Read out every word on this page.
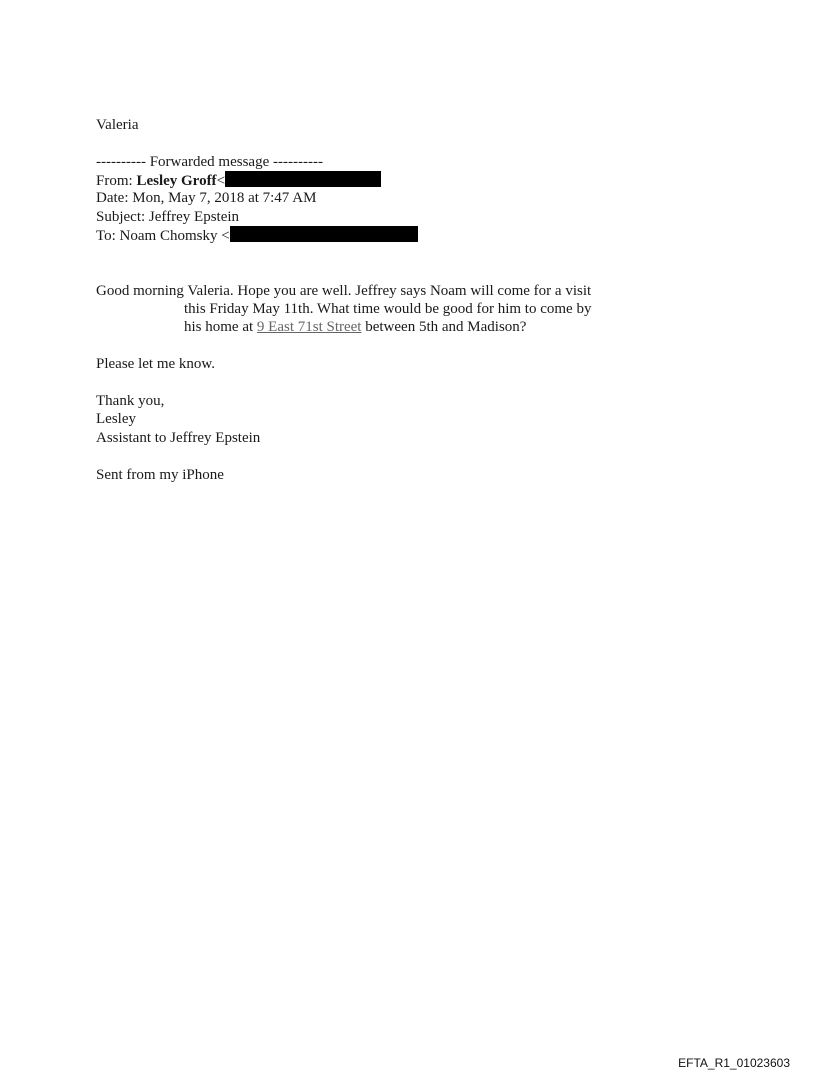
Valeria
---------- Forwarded message ----------
From: Lesley Groff<
Date: Mon, May 7, 2018 at 7:47 AM
Subject: Jeffrey Epstein
To: Noam Chomsky <
Good morning Valeria. Hope you are well. Jeffrey says Noam will come for a visit
this Friday May 11th. What time would be good for him to come by
his home at 9 East 71st Street between 5th and Madison?
Please let me know.
Thank you,
Lesley
Assistant to Jeffrey Epstein
Sent from my iPhone
EFTA_R1_01023603
